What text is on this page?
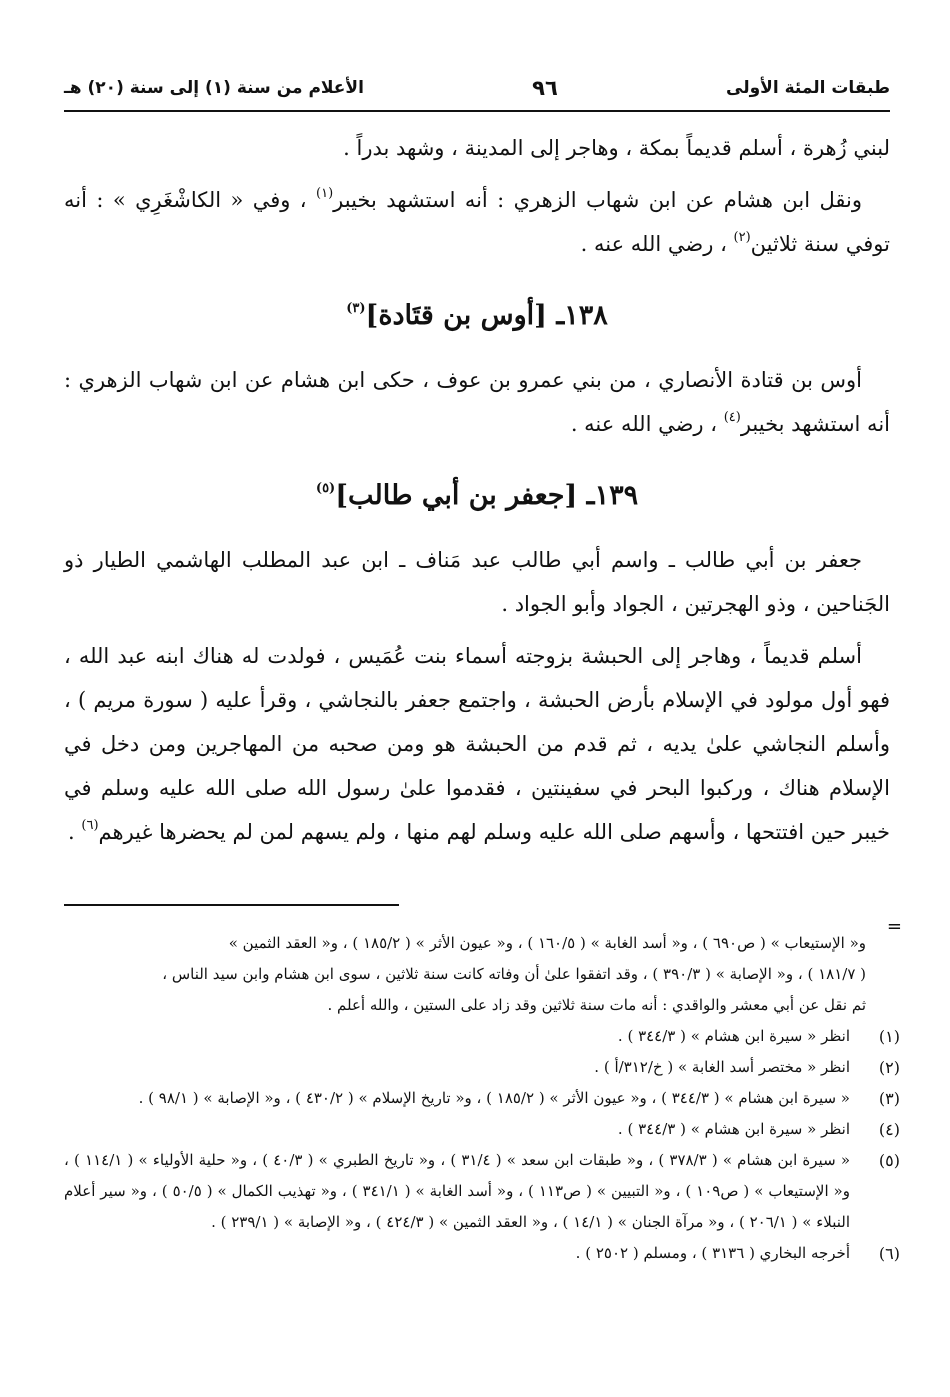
طبقات المئة الأولى
٩٦
الأعلام من سنة (١) إلى سنة (٢٠) هـ

لبني زُهرة ، أسلم قديماً بمكة ، وهاجر إلى المدينة ، وشهد بدراً .

ونقل ابن هشام عن ابن شهاب الزهري : أنه استشهد بخيبر$^{(١)}$ ، وفي « الكاشْغَرِي » : أنه توفي سنة ثلاثين$^{(٢)}$ ، رضي الله عنه .

١٣٨ـ [أوس بن قتَادة]$^{(٣)}$

أوس بن قتادة الأنصاري ، من بني عمرو بن عوف ، حكى ابن هشام عن ابن شهاب الزهري : أنه استشهد بخيبر$^{(٤)}$ ، رضي الله عنه .

١٣٩ـ [جعفر بن أبي طالب]$^{(٥)}$

جعفر بن أبي طالب ـ واسم أبي طالب عبد مَناف ـ ابن عبد المطلب الهاشمي الطيار ذو الجَناحين ، وذو الهجرتين ، الجواد وأبو الجواد .

أسلم قديماً ، وهاجر إلى الحبشة بزوجته أسماء بنت عُمَيس ، فولدت له هناك ابنه عبد الله ، فهو أول مولود في الإسلام بأرض الحبشة ، واجتمع جعفر بالنجاشي ، وقرأ عليه ( سورة مريم ) ، وأسلم النجاشي علىٰ يديه ، ثم قدم من الحبشة هو ومن صحبه من المهاجرين ومن دخل في الإسلام هناك ، وركبوا البحر في سفينتين ، فقدموا علىٰ رسول الله صلى الله عليه وسلم في خيبر حين افتتحها ، وأسهم صلى الله عليه وسلم لهم منها ، ولم يسهم لمن لم يحضرها غيرهم$^{(٦)}$ .

=

و« الإستيعاب » ( ص٦٩٠ ) ، و« أسد الغابة » ( ١٦٠/٥ ) ، و« عيون الأثر » ( ١٨٥/٢ ) ، و« العقد الثمين »

( ١٨١/٧ ) ، و« الإصابة » ( ٣٩٠/٣ ) ، وقد اتفقوا علىٰ أن وفاته كانت سنة ثلاثين ، سوى ابن هشام وابن سيد الناس ،

ثم نقل عن أبي معشر والواقدي : أنه مات سنة ثلاثين وقد زاد على الستين ، والله أعلم .

(١)
انظر « سيرة ابن هشام » ( ٣٤٤/٣ ) .
(٢)
انظر « مختصر أسد الغابة » ( خ/٣١٢/أ ) .
(٣)
« سيرة ابن هشام » ( ٣٤٤/٣ ) ، و« عيون الأثر » ( ١٨٥/٢ ) ، و« تاريخ الإسلام » ( ٤٣٠/٢ ) ، و« الإصابة » ( ٩٨/١ ) .
(٤)
انظر « سيرة ابن هشام » ( ٣٤٤/٣ ) .
(٥)
« سيرة ابن هشام » ( ٣٧٨/٣ ) ، و« طبقات ابن سعد » ( ٣١/٤ ) ، و« تاريخ الطبري » ( ٤٠/٣ ) ، و« حلية الأولياء » ( ١١٤/١ ) ، و« الإستيعاب » ( ص١٠٩ ) ، و« التبيين » ( ص١١٣ ) ، و« أسد الغابة » ( ٣٤١/١ ) ، و« تهذيب الكمال » ( ٥٠/٥ ) ، و« سير أعلام النبلاء » ( ٢٠٦/١ ) ، و« مرآة الجنان » ( ١٤/١ ) ، و« العقد الثمين » ( ٤٢٤/٣ ) ، و« الإصابة » ( ٢٣٩/١ ) .
(٦)
أخرجه البخاري ( ٣١٣٦ ) ، ومسلم ( ٢٥٠٢ ) .
